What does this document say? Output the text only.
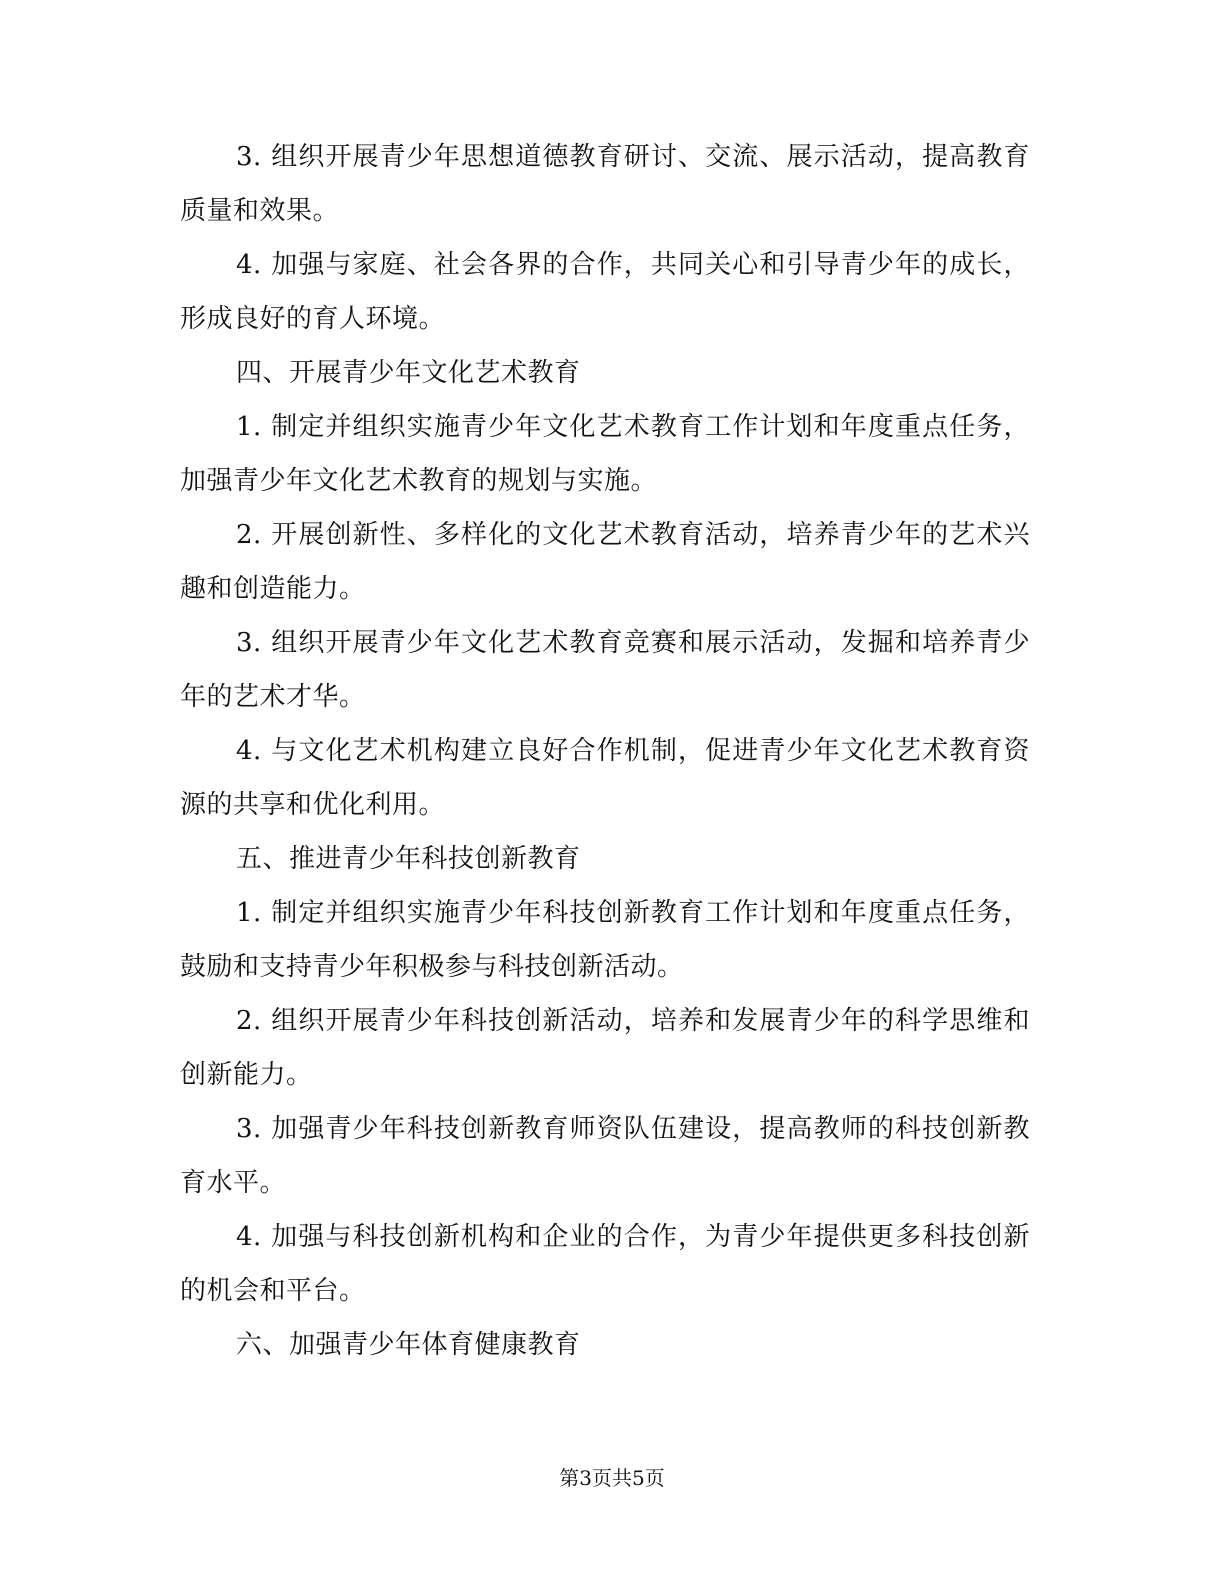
3. 组织开展青少年思想道德教育研讨、交流、展示活动，提高教育质量和效果。

4. 加强与家庭、社会各界的合作，共同关心和引导青少年的成长，形成良好的育人环境。

四、开展青少年文化艺术教育

1. 制定并组织实施青少年文化艺术教育工作计划和年度重点任务，加强青少年文化艺术教育的规划与实施。

2. 开展创新性、多样化的文化艺术教育活动，培养青少年的艺术兴趣和创造能力。

3. 组织开展青少年文化艺术教育竞赛和展示活动，发掘和培养青少年的艺术才华。

4. 与文化艺术机构建立良好合作机制，促进青少年文化艺术教育资源的共享和优化利用。

五、推进青少年科技创新教育

1. 制定并组织实施青少年科技创新教育工作计划和年度重点任务，鼓励和支持青少年积极参与科技创新活动。

2. 组织开展青少年科技创新活动，培养和发展青少年的科学思维和创新能力。

3. 加强青少年科技创新教育师资队伍建设，提高教师的科技创新教育水平。

4. 加强与科技创新机构和企业的合作，为青少年提供更多科技创新的机会和平台。

六、加强青少年体育健康教育

第3页共5页
